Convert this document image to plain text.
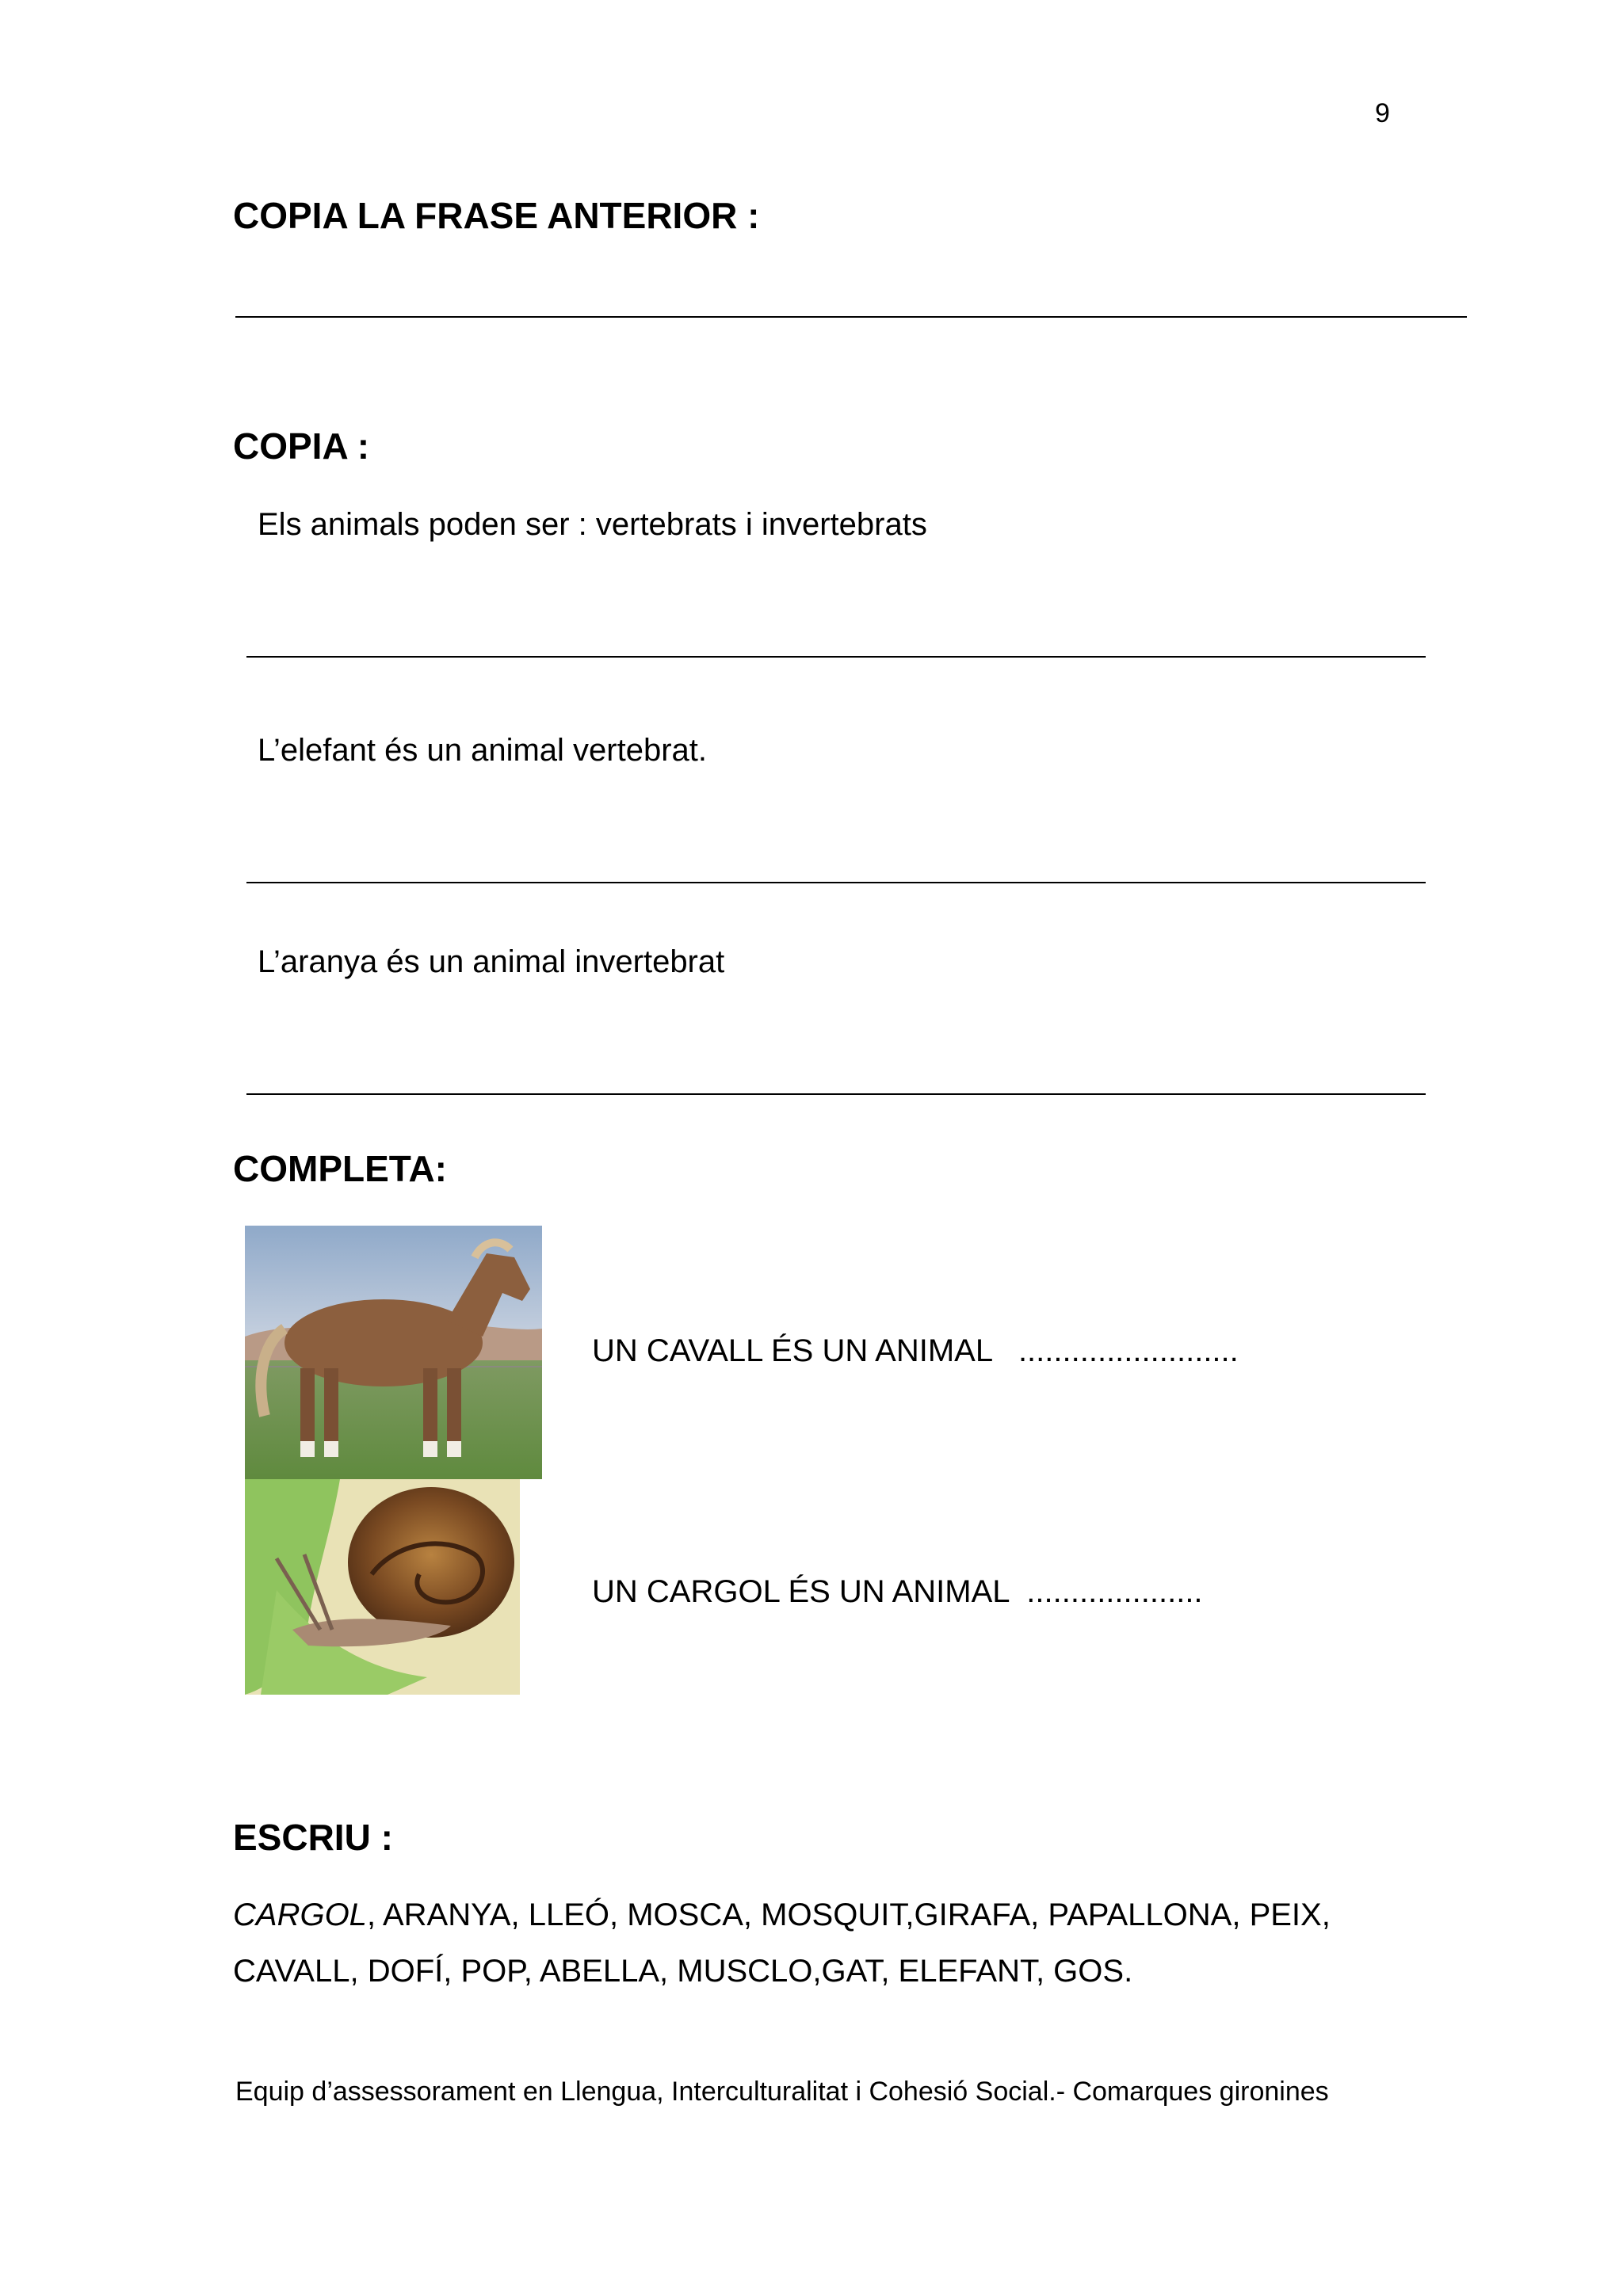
9
COPIA LA FRASE ANTERIOR :
COPIA :
Els animals poden ser : vertebrats i invertebrats
L’elefant és un animal vertebrat.
L’aranya és un animal invertebrat
COMPLETA:
UN CAVALL ÉS UN ANIMAL .........................
UN CARGOL ÉS UN ANIMAL ....................
ESCRIU :
CARGOL, ARANYA, LLEÓ, MOSCA, MOSQUIT,GIRAFA, PAPALLONA, PEIX,
CAVALL, DOFÍ, POP, ABELLA, MUSCLO,GAT, ELEFANT, GOS.
Equip d’assessorament en Llengua, Interculturalitat i Cohesió Social.- Comarques gironines
